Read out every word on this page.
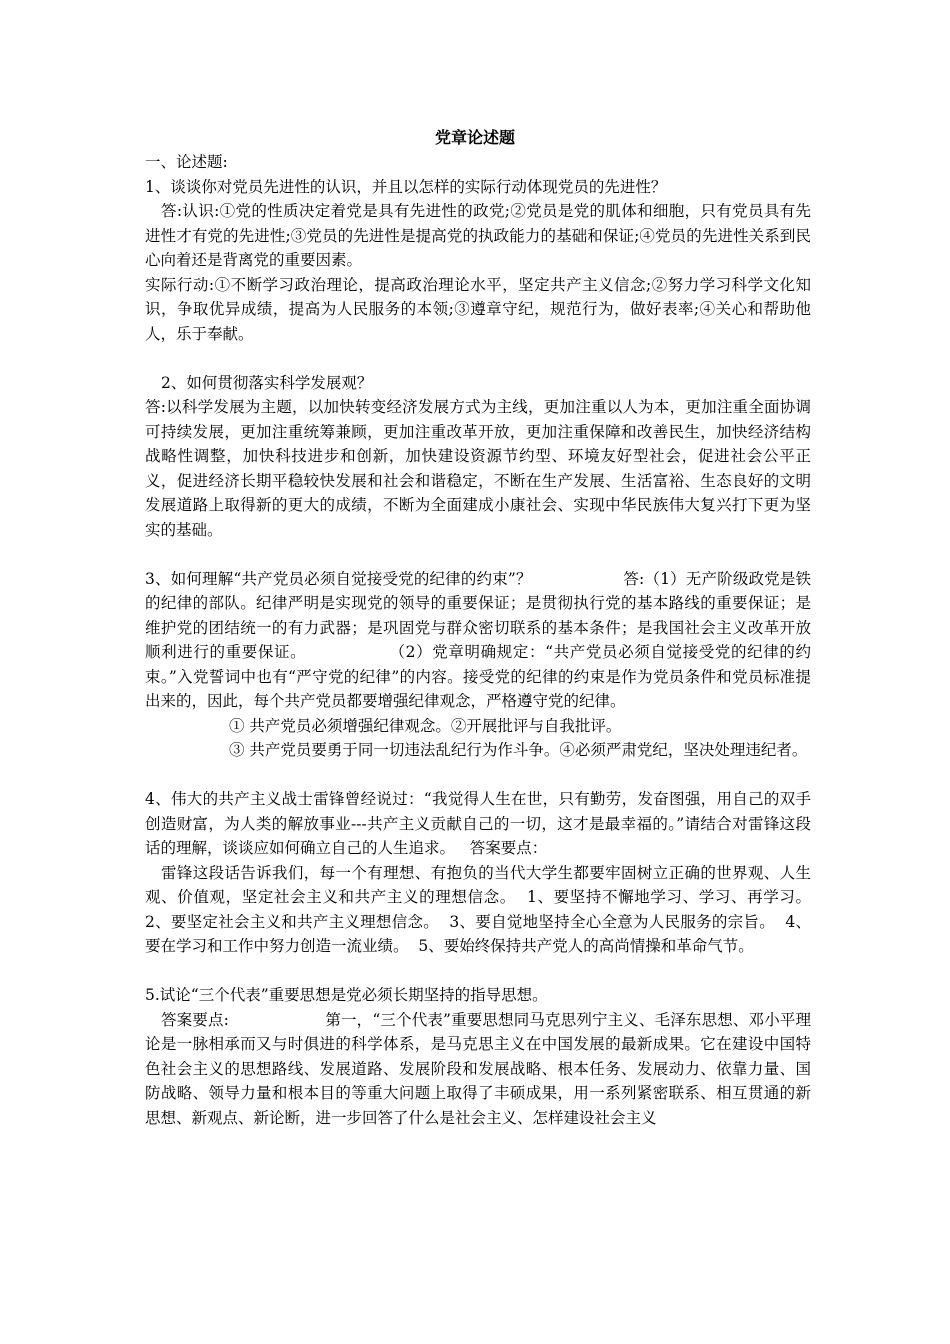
党章论述题

一、论述题:

1、谈谈你对党员先进性的认识，并且以怎样的实际行动体现党员的先进性？

答:认识:①党的性质决定着党是具有先进性的政党;②党员是党的肌体和细胞，只有党员具有先进性才有党的先进性;③党员的先进性是提高党的执政能力的基础和保证;④党员的先进性关系到民心向着还是背离党的重要因素。

实际行动:①不断学习政治理论，提高政治理论水平，坚定共产主义信念;②努力学习科学文化知识，争取优异成绩，提高为人民服务的本领;③遵章守纪，规范行为，做好表率;④关心和帮助他人，乐于奉献。

2、如何贯彻落实科学发展观？

答:以科学发展为主题，以加快转变经济发展方式为主线，更加注重以人为本，更加注重全面协调可持续发展，更加注重统筹兼顾，更加注重改革开放，更加注重保障和改善民生，加快经济结构战略性调整，加快科技进步和创新，加快建设资源节约型、环境友好型社会，促进社会公平正义，促进经济长期平稳较快发展和社会和谐稳定，不断在生产发展、生活富裕、生态良好的文明发展道路上取得新的更大的成绩，不断为全面建成小康社会、实现中华民族伟大复兴打下更为坚实的基础。

3、如何理解“共产党员必须自觉接受党的纪律的约束”？                  答:（1）无产阶级政党是铁的纪律的部队。纪律严明是实现党的领导的重要保证；是贯彻执行党的基本路线的重要保证；是维护党的团结统一的有力武器；是巩固党与群众密切联系的基本条件；是我国社会主义改革开放顺利进行的重要保证。               （2）党章明确规定：“共产党员必须自觉接受党的纪律的约束。”入党誓词中也有“严守党的纪律”的内容。接受党的纪律的约束是作为党员条件和党员标准提出来的，因此，每个共产党员都要增强纪律观念，严格遵守党的纪律。

① 共产党员必须增强纪律观念。②开展批评与自我批评。

③ 共产党员要勇于同一切违法乱纪行为作斗争。④必须严肃党纪，坚决处理违纪者。

4、伟大的共产主义战士雷锋曾经说过：“我觉得人生在世，只有勤劳，发奋图强，用自己的双手创造财富，为人类的解放事业---共产主义贡献自己的一切，这才是最幸福的。”请结合对雷锋这段话的理解，谈谈应如何确立自己的人生追求。   答案要点：

雷锋这段话告诉我们，每一个有理想、有抱负的当代大学生都要牢固树立正确的世界观、人生观、价值观，坚定社会主义和共产主义的理想信念。  1、要坚持不懈地学习、学习、再学习。  2、要坚定社会主义和共产主义理想信念。  3、要自觉地坚持全心全意为人民服务的宗旨。  4、要在学习和工作中努力创造一流业绩。  5、要始终保持共产党人的高尚情操和革命气节。

5.试论“三个代表”重要思想是党必须长期坚持的指导思想。

答案要点:                   第一，“三个代表”重要思想同马克思列宁主义、毛泽东思想、邓小平理论是一脉相承而又与时俱进的科学体系，是马克思主义在中国发展的最新成果。它在建设中国特色社会主义的思想路线、发展道路、发展阶段和发展战略、根本任务、发展动力、依靠力量、国防战略、领导力量和根本目的等重大问题上取得了丰硕成果，用一系列紧密联系、相互贯通的新思想、新观点、新论断，进一步回答了什么是社会主义、怎样建设社会主义
